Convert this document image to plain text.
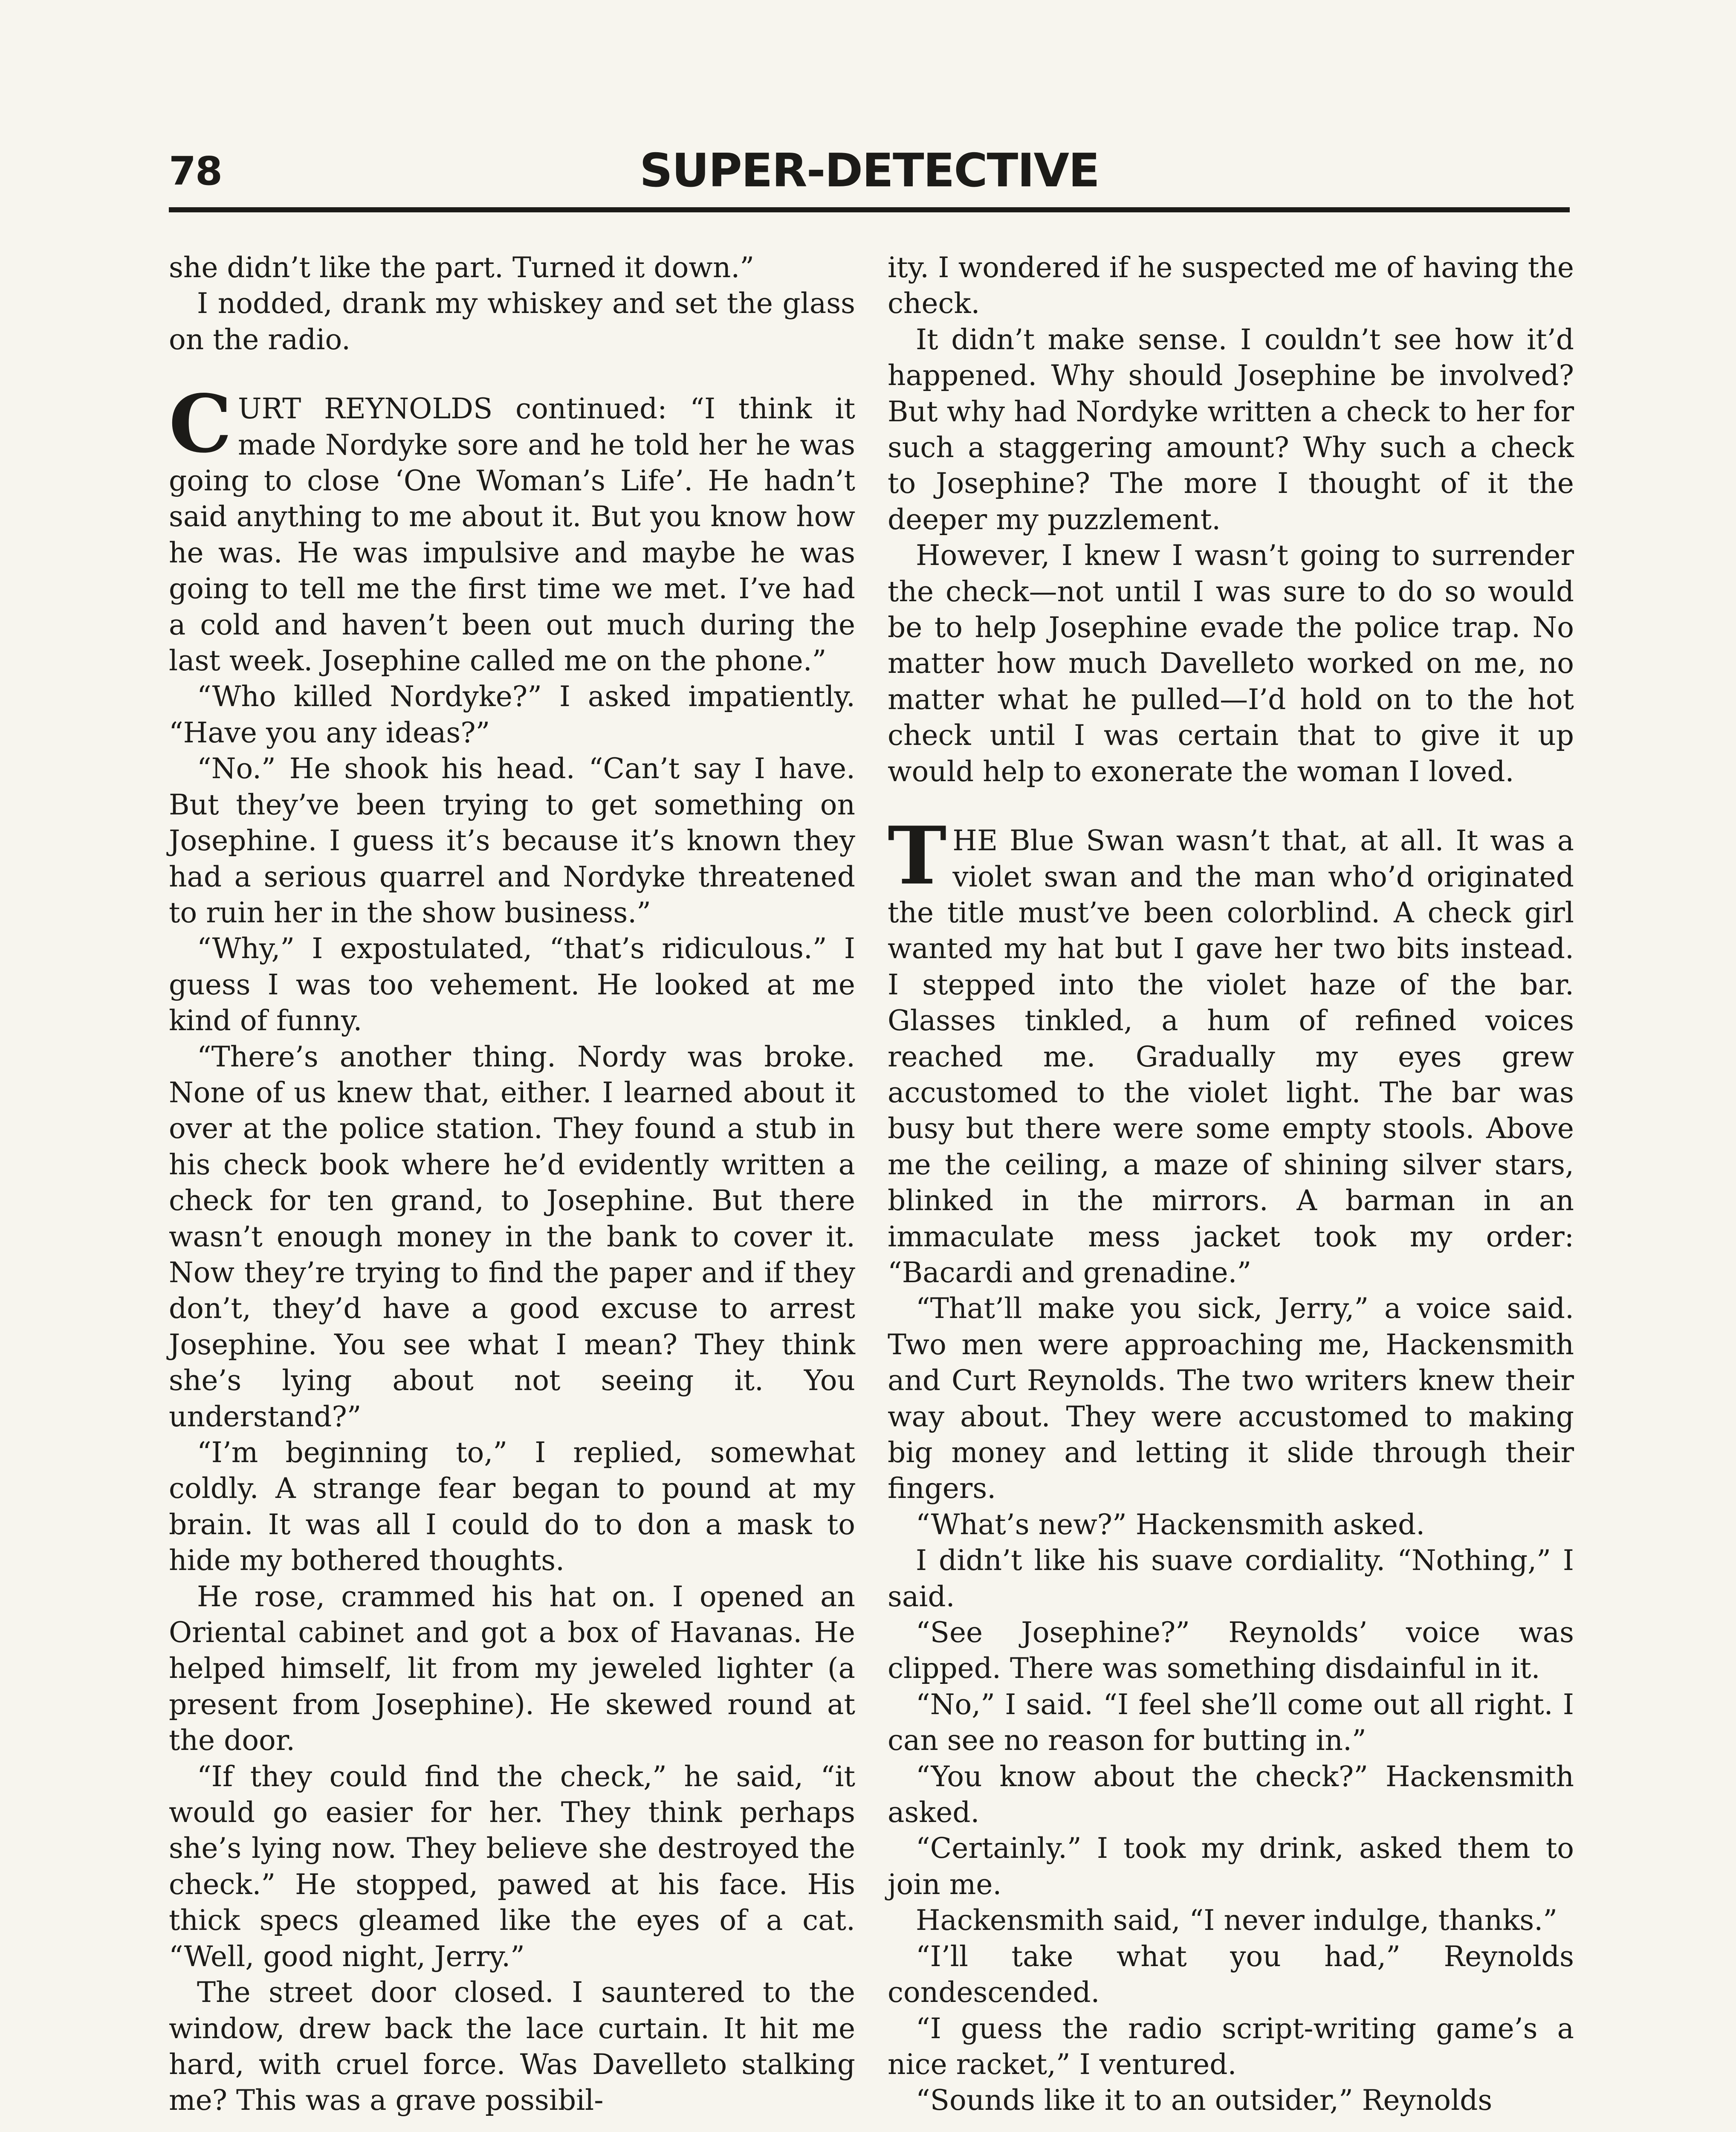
78	SUPER-DETECTIVE

she didn’t like the part. Turned it down.”

I nodded, drank my whiskey and set the glass on the radio.

CURT REYNOLDS continued: “I think it made Nordyke sore and he told her he was going to close ‘One Woman’s Life’. He hadn’t said anything to me about it. But you know how he was. He was impulsive and maybe he was going to tell me the first time we met. I’ve had a cold and haven’t been out much during the last week. Josephine called me on the phone.”

“Who killed Nordyke?” I asked impatiently. “Have you any ideas?”

“No.” He shook his head. “Can’t say I have. But they’ve been trying to get something on Josephine. I guess it’s because it’s known they had a serious quarrel and Nordyke threatened to ruin her in the show business.”

“Why,” I expostulated, “that’s ridiculous.” I guess I was too vehement. He looked at me kind of funny.

“There’s another thing. Nordy was broke. None of us knew that, either. I learned about it over at the police station. They found a stub in his check book where he’d evidently written a check for ten grand, to Josephine. But there wasn’t enough money in the bank to cover it. Now they’re trying to find the paper and if they don’t, they’d have a good excuse to arrest Josephine. You see what I mean? They think she’s lying about not seeing it. You understand?”

“I’m beginning to,” I replied, somewhat coldly. A strange fear began to pound at my brain. It was all I could do to don a mask to hide my bothered thoughts.

He rose, crammed his hat on. I opened an Oriental cabinet and got a box of Havanas. He helped himself, lit from my jeweled lighter (a present from Josephine). He skewed round at the door.

“If they could find the check,” he said, “it would go easier for her. They think perhaps she’s lying now. They believe she destroyed the check.” He stopped, pawed at his face. His thick specs gleamed like the eyes of a cat. “Well, good night, Jerry.”

The street door closed. I sauntered to the window, drew back the lace curtain. It hit me hard, with cruel force. Was Davelleto stalking me? This was a grave possibil-

ity. I wondered if he suspected me of having the check.

It didn’t make sense. I couldn’t see how it’d happened. Why should Josephine be involved? But why had Nordyke written a check to her for such a staggering amount? Why such a check to Josephine? The more I thought of it the deeper my puzzlement.

However, I knew I wasn’t going to surrender the check—not until I was sure to do so would be to help Josephine evade the police trap. No matter how much Davelleto worked on me, no matter what he pulled—I’d hold on to the hot check until I was certain that to give it up would help to exonerate the woman I loved.

THE Blue Swan wasn’t that, at all. It was a violet swan and the man who’d originated the title must’ve been colorblind. A check girl wanted my hat but I gave her two bits instead. I stepped into the violet haze of the bar. Glasses tinkled, a hum of refined voices reached me. Gradually my eyes grew accustomed to the violet light. The bar was busy but there were some empty stools. Above me the ceiling, a maze of shining silver stars, blinked in the mirrors. A barman in an immaculate mess jacket took my order: “Bacardi and grenadine.”

“That’ll make you sick, Jerry,” a voice said. Two men were approaching me, Hackensmith and Curt Reynolds. The two writers knew their way about. They were accustomed to making big money and letting it slide through their fingers.

“What’s new?” Hackensmith asked.

I didn’t like his suave cordiality. “Nothing,” I said.

“See Josephine?” Reynolds’ voice was clipped. There was something disdainful in it.

“No,” I said. “I feel she’ll come out all right. I can see no reason for butting in.”

“You know about the check?” Hackensmith asked.

“Certainly.” I took my drink, asked them to join me.

Hackensmith said, “I never indulge, thanks.”

“I’ll take what you had,” Reynolds condescended.

“I guess the radio script-writing game’s a nice racket,” I ventured.

“Sounds like it to an outsider,” Reynolds
